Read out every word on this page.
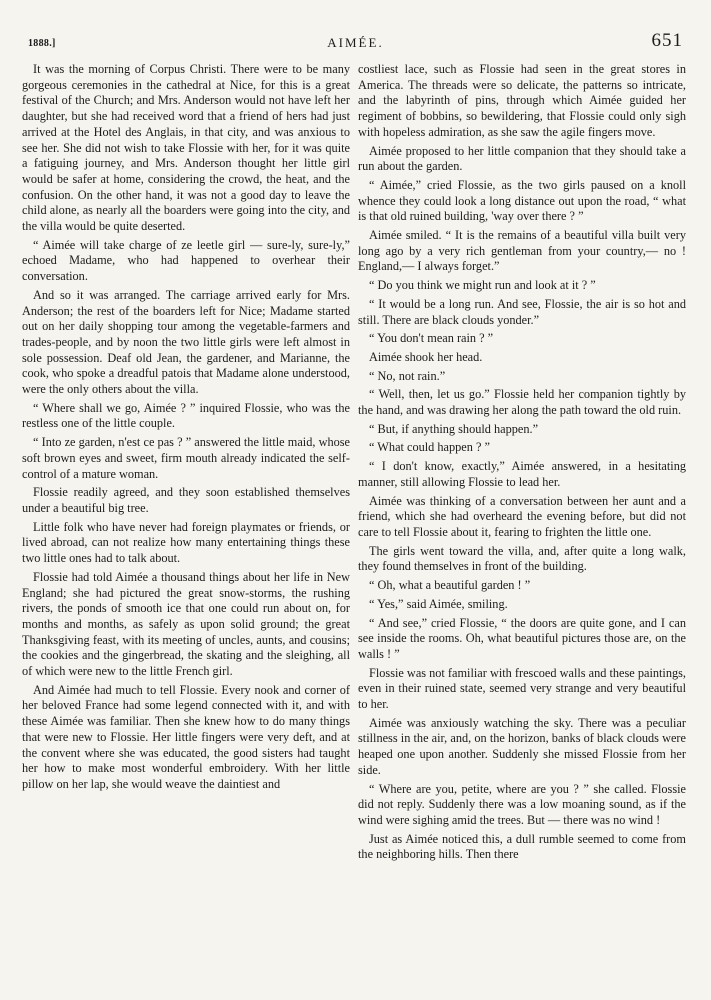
1888.]	AIMÉE.	651

It was the morning of Corpus Christi. There were to be many gorgeous ceremonies in the cathedral at Nice, for this is a great festival of the Church; and Mrs. Anderson would not have left her daughter, but she had received word that a friend of hers had just arrived at the Hotel des Anglais, in that city, and was anxious to see her. She did not wish to take Flossie with her, for it was quite a fatiguing journey, and Mrs. Anderson thought her little girl would be safer at home, considering the crowd, the heat, and the confusion. On the other hand, it was not a good day to leave the child alone, as nearly all the boarders were going into the city, and the villa would be quite deserted.

“ Aimée will take charge of ze leetle girl — sure-ly, sure-ly,” echoed Madame, who had happened to overhear their conversation.

And so it was arranged. The carriage arrived early for Mrs. Anderson; the rest of the boarders left for Nice; Madame started out on her daily shopping tour among the vegetable-farmers and trades-people, and by noon the two little girls were left almost in sole possession. Deaf old Jean, the gardener, and Marianne, the cook, who spoke a dreadful patois that Madame alone understood, were the only others about the villa.

“ Where shall we go, Aimée ? ” inquired Flossie, who was the restless one of the little couple.

“ Into ze garden, n'est ce pas ? ” answered the little maid, whose soft brown eyes and sweet, firm mouth already indicated the self-control of a mature woman.

Flossie readily agreed, and they soon established themselves under a beautiful big tree.

Little folk who have never had foreign playmates or friends, or lived abroad, can not realize how many entertaining things these two little ones had to talk about.

Flossie had told Aimée a thousand things about her life in New England; she had pictured the great snow-storms, the rushing rivers, the ponds of smooth ice that one could run about on, for months and months, as safely as upon solid ground; the great Thanksgiving feast, with its meeting of uncles, aunts, and cousins; the cookies and the gingerbread, the skating and the sleighing, all of which were new to the little French girl.

And Aimée had much to tell Flossie. Every nook and corner of her beloved France had some legend connected with it, and with these Aimée was familiar. Then she knew how to do many things that were new to Flossie. Her little fingers were very deft, and at the convent where she was educated, the good sisters had taught her how to make most wonderful embroidery. With her little pillow on her lap, she would weave the daintiest and

costliest lace, such as Flossie had seen in the great stores in America. The threads were so delicate, the patterns so intricate, and the labyrinth of pins, through which Aimée guided her regiment of bobbins, so bewildering, that Flossie could only sigh with hopeless admiration, as she saw the agile fingers move.

Aimée proposed to her little companion that they should take a run about the garden.

“ Aimée,” cried Flossie, as the two girls paused on a knoll whence they could look a long distance out upon the road, “ what is that old ruined building, 'way over there ? ”

Aimée smiled. “ It is the remains of a beautiful villa built very long ago by a very rich gentleman from your country,— no ! England,— I always forget.”

“ Do you think we might run and look at it ? ”

“ It would be a long run. And see, Flossie, the air is so hot and still. There are black clouds yonder.”

“ You don't mean rain ? ”

Aimée shook her head.

“ No, not rain.”

“ Well, then, let us go.” Flossie held her companion tightly by the hand, and was drawing her along the path toward the old ruin.

“ But, if anything should happen.”

“ What could happen ? ”

“ I don't know, exactly,” Aimée answered, in a hesitating manner, still allowing Flossie to lead her.

Aimée was thinking of a conversation between her aunt and a friend, which she had overheard the evening before, but did not care to tell Flossie about it, fearing to frighten the little one.

The girls went toward the villa, and, after quite a long walk, they found themselves in front of the building.

“ Oh, what a beautiful garden ! ”

“ Yes,” said Aimée, smiling.

“ And see,” cried Flossie, “ the doors are quite gone, and I can see inside the rooms. Oh, what beautiful pictures those are, on the walls ! ”

Flossie was not familiar with frescoed walls and these paintings, even in their ruined state, seemed very strange and very beautiful to her.

Aimée was anxiously watching the sky. There was a peculiar stillness in the air, and, on the horizon, banks of black clouds were heaped one upon another. Suddenly she missed Flossie from her side.

“ Where are you, petite, where are you ? ” she called. Flossie did not reply. Suddenly there was a low moaning sound, as if the wind were sighing amid the trees. But — there was no wind !

Just as Aimée noticed this, a dull rumble seemed to come from the neighboring hills. Then there
